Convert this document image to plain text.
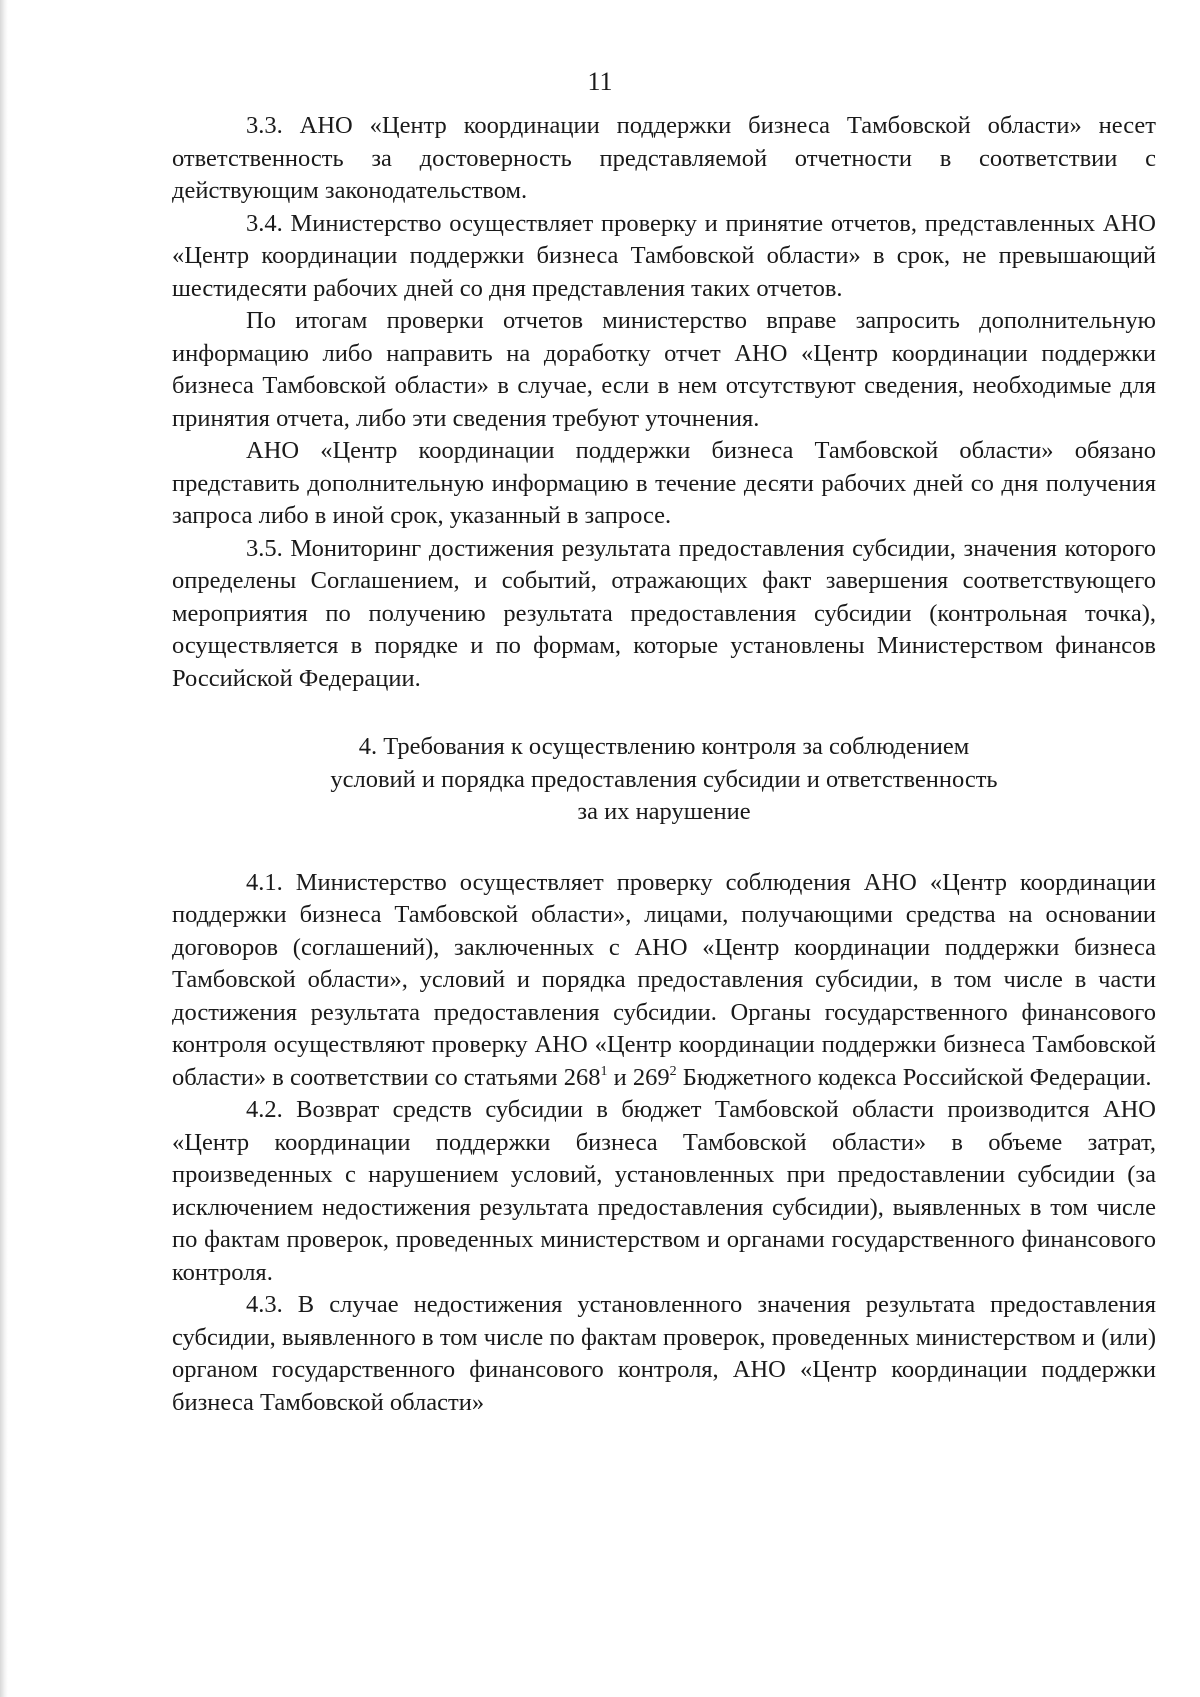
11

3.3. АНО «Центр координации поддержки бизнеса Тамбовской области» несет ответственность за достоверность представляемой отчетности в соответствии с действующим законодательством.

3.4. Министерство осуществляет проверку и принятие отчетов, представленных АНО «Центр координации поддержки бизнеса Тамбовской области» в срок, не превышающий шестидесяти рабочих дней со дня представления таких отчетов.

По итогам проверки отчетов министерство вправе запросить дополнительную информацию либо направить на доработку отчет АНО «Центр координации поддержки бизнеса Тамбовской области» в случае, если в нем отсутствуют сведения, необходимые для принятия отчета, либо эти сведения требуют уточнения.

АНО «Центр координации поддержки бизнеса Тамбовской области» обязано представить дополнительную информацию в течение десяти рабочих дней со дня получения запроса либо в иной срок, указанный в запросе.

3.5. Мониторинг достижения результата предоставления субсидии, значения которого определены Соглашением, и событий, отражающих факт завершения соответствующего мероприятия по получению результата предоставления субсидии (контрольная точка), осуществляется в порядке и по формам, которые установлены Министерством финансов Российской Федерации.

4. Требования к осуществлению контроля за соблюдением
условий и порядка предоставления субсидии и ответственность
за их нарушение

4.1. Министерство осуществляет проверку соблюдения АНО «Центр координации поддержки бизнеса Тамбовской области», лицами, получающими средства на основании договоров (соглашений), заключенных с АНО «Центр координации поддержки бизнеса Тамбовской области», условий и порядка предоставления субсидии, в том числе в части достижения результата предоставления субсидии. Органы государственного финансового контроля осуществляют проверку АНО «Центр координации поддержки бизнеса Тамбовской области» в соответствии со статьями $268^1$ и $269^2$ Бюджетного кодекса Российской Федерации.

4.2. Возврат средств субсидии в бюджет Тамбовской области производится АНО «Центр координации поддержки бизнеса Тамбовской области» в объеме затрат, произведенных с нарушением условий, установленных при предоставлении субсидии (за исключением недостижения результата предоставления субсидии), выявленных в том числе по фактам проверок, проведенных министерством и органами государственного финансового контроля.

4.3. В случае недостижения установленного значения результата предоставления субсидии, выявленного в том числе по фактам проверок, проведенных министерством и (или) органом государственного финансового контроля, АНО «Центр координации поддержки бизнеса Тамбовской области»
